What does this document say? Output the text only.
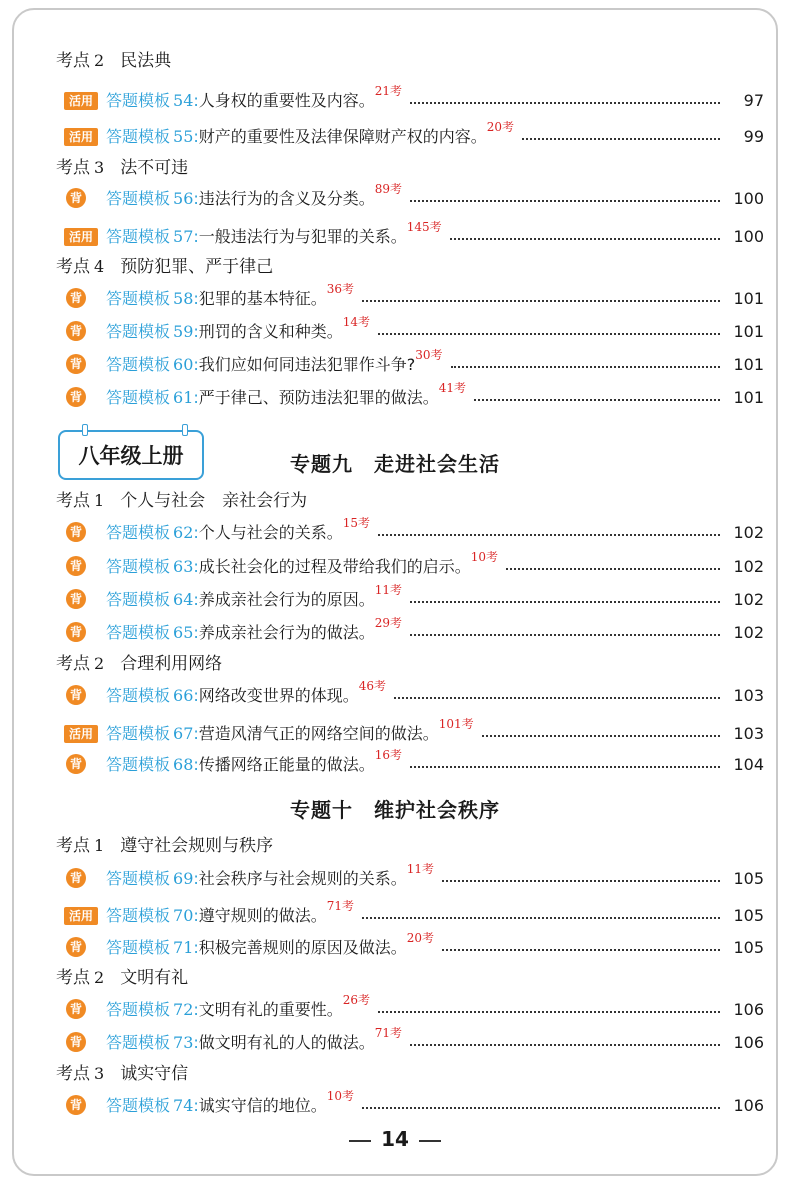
八年级上册	专题九　走进社会生活
专题十　维护社会秩序
考点 2 民法典
活用 答题模板 54: 人身权的重要性及内容。 21考	97
活用 答题模板 55: 财产的重要性及法律保障财产权的内容。 20考	99
考点 3 法不可违
背 答题模板 56: 违法行为的含义及分类。 89考	100
活用 答题模板 57: 一般违法行为与犯罪的关系。 145考	100
考点 4 预防犯罪、严于律己
背 答题模板 58: 犯罪的基本特征。 36考	101
背 答题模板 59: 刑罚的含义和种类。 14考	101
背 答题模板 60: 我们应如何同违法犯罪作斗争? 30考	101
背 答题模板 61: 严于律己、预防违法犯罪的做法。 41考	101
考点 1 个人与社会　亲社会行为
背 答题模板 62: 个人与社会的关系。 15考	102
背 答题模板 63: 成长社会化的过程及带给我们的启示。 10考	102
背 答题模板 64: 养成亲社会行为的原因。 11考	102
背 答题模板 65: 养成亲社会行为的做法。 29考	102
考点 2 合理利用网络
背 答题模板 66: 网络改变世界的体现。 46考	103
活用 答题模板 67: 营造风清气正的网络空间的做法。 101考	103
背 答题模板 68: 传播网络正能量的做法。 16考	104
考点 1 遵守社会规则与秩序
背 答题模板 69: 社会秩序与社会规则的关系。 11考	105
活用 答题模板 70: 遵守规则的做法。 71考	105
背 答题模板 71: 积极完善规则的原因及做法。 20考	105
考点 2 文明有礼
背 答题模板 72: 文明有礼的重要性。 26考	106
背 答题模板 73: 做文明有礼的人的做法。 71考	106
考点 3 诚实守信
背 答题模板 74: 诚实守信的地位。 10考	106
14
